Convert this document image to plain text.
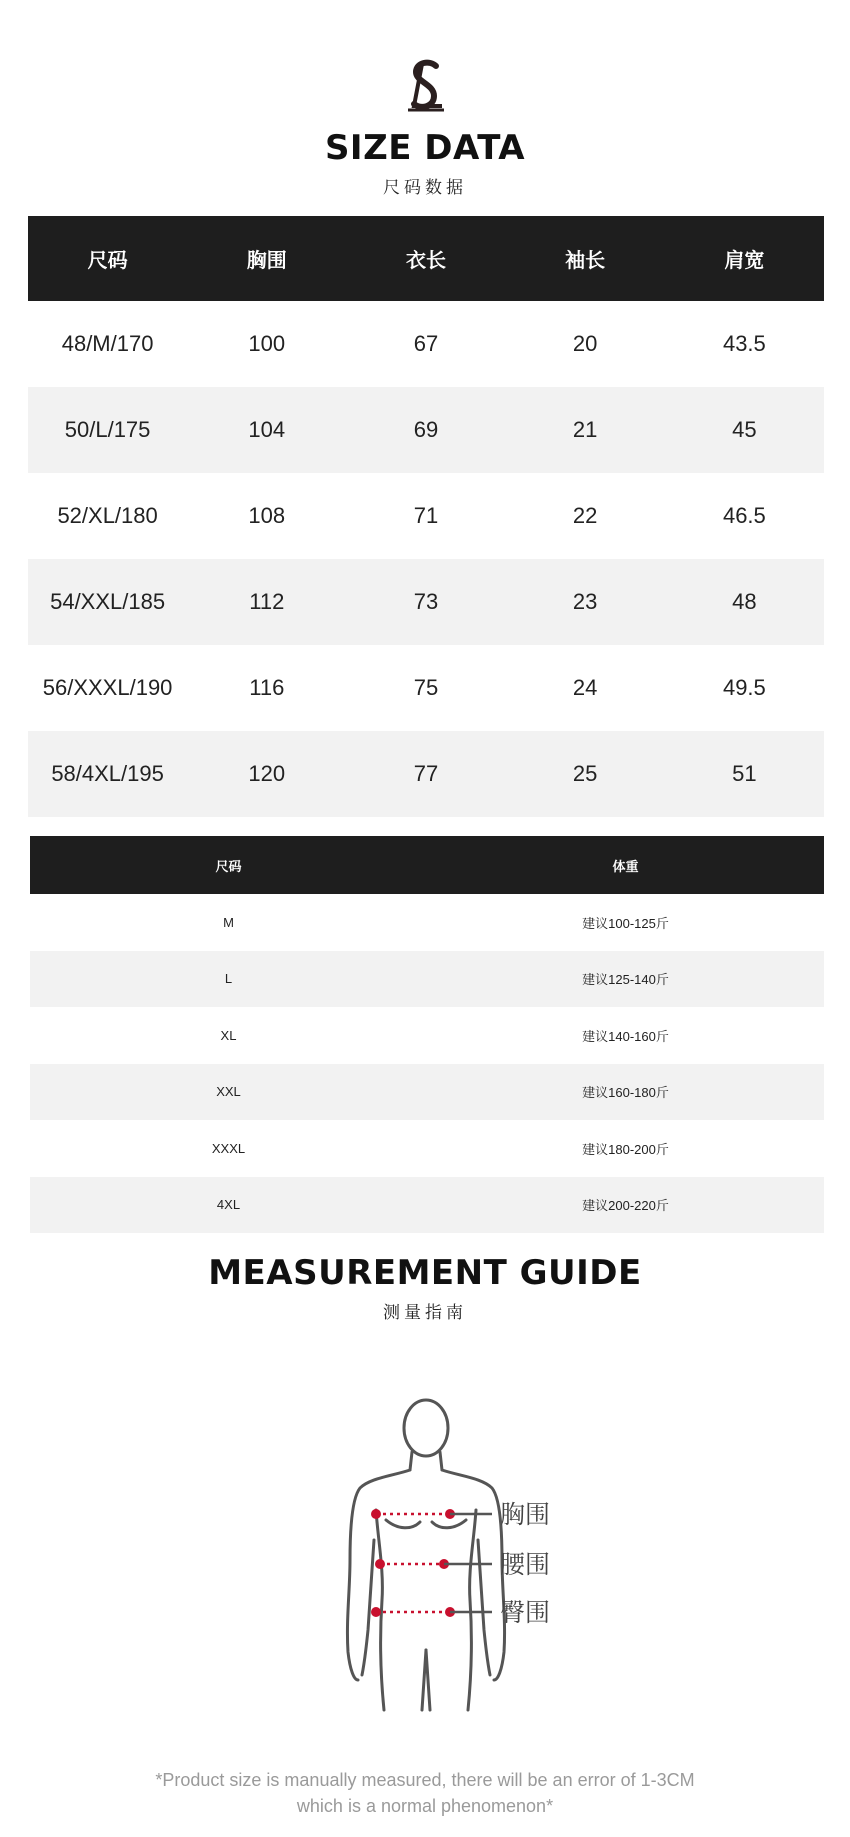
SIZE DATA
尺码数据
尺码	胸围	衣长	袖长	肩宽
48/M/170	100	67	20	43.5
50/L/175	104	69	21	45
52/XL/180	108	71	22	46.5
54/XXL/185	112	73	23	48
56/XXXL/190	116	75	24	49.5
58/4XL/195	120	77	25	51
尺码	体重
M	建议100-125斤
L	建议125-140斤
XL	建议140-160斤
XXL	建议160-180斤
XXXL	建议180-200斤
4XL	建议200-220斤
MEASUREMENT GUIDE
测量指南
胸围
腰围
臀围
*Product size is manually measured, there will be an error of 1-3CM
which is a normal phenomenon*
